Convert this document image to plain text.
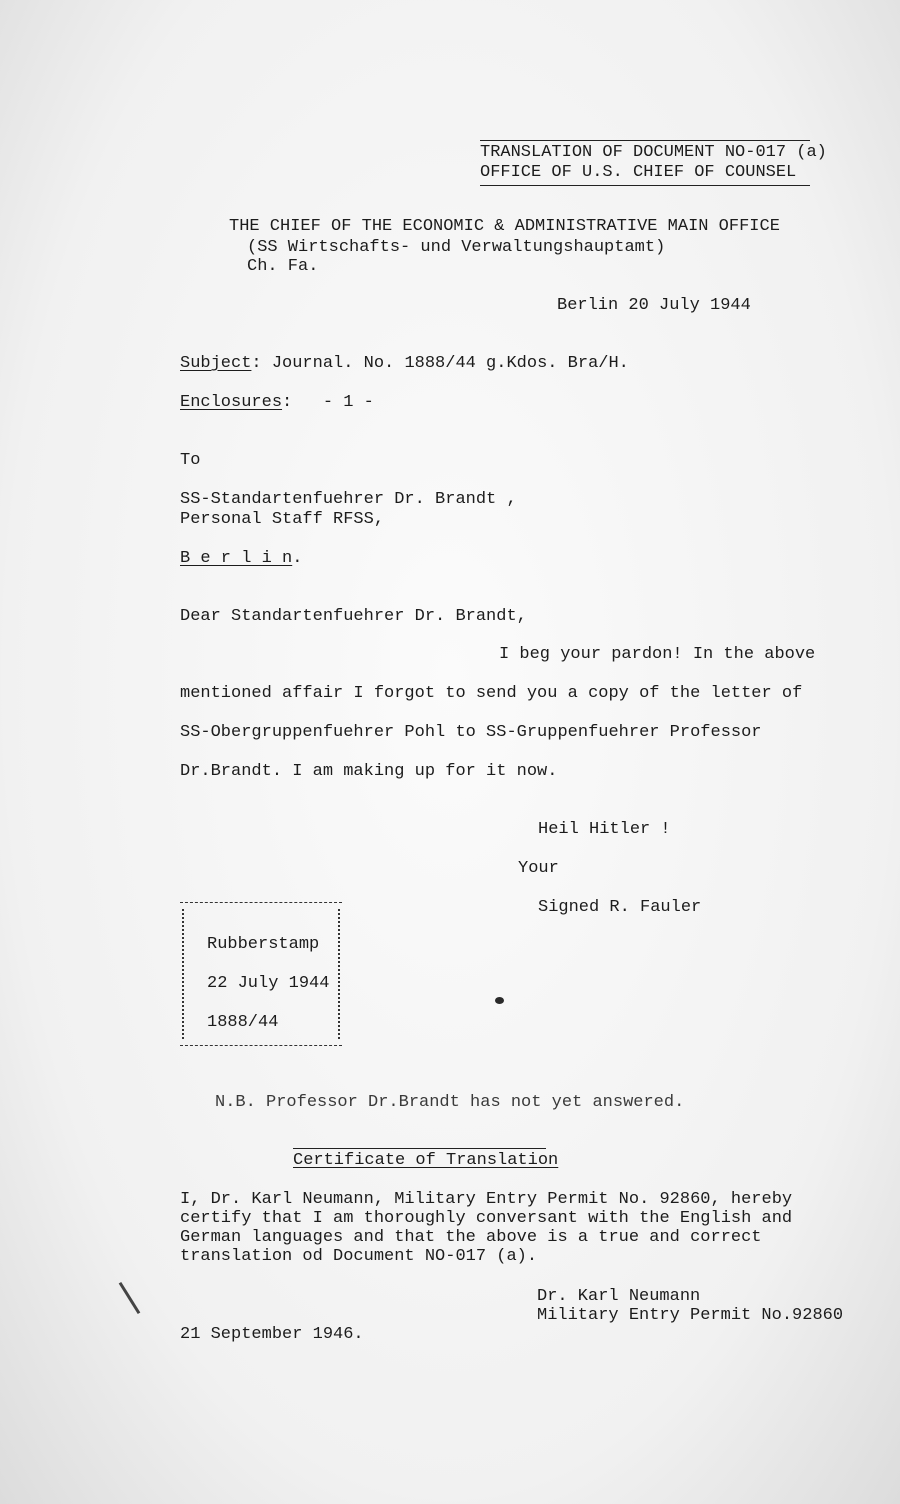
TRANSLATION OF DOCUMENT NO-017 (a)

OFFICE OF U.S. CHIEF OF COUNSEL

THE CHIEF OF THE ECONOMIC & ADMINISTRATIVE MAIN OFFICE

(SS Wirtschafts- und Verwaltungshauptamt)

Ch. Fa.

Berlin 20 July 1944

Subject: Journal. No. 1888/44 g.Kdos. Bra/H.

Enclosures:   - 1 -

To

SS-Standartenfuehrer Dr. Brandt ,

Personal Staff RFSS,

B e r l i n.

Dear Standartenfuehrer Dr. Brandt,

I beg your pardon! In the above

mentioned affair I forgot to send you a copy of the letter of

SS-Obergruppenfuehrer Pohl to SS-Gruppenfuehrer Professor

Dr.Brandt. I am making up for it now.

Heil Hitler !

Your

Signed R. Fauler

Rubberstamp

22 July 1944

1888/44

N.B. Professor Dr.Brandt has not yet answered.

Certificate of Translation

I, Dr. Karl Neumann, Military Entry Permit No. 92860, hereby

certify that I am thoroughly conversant with the English and

German languages and that the above is a true and correct

translation od Document NO-017 (a).

Dr. Karl Neumann

Military Entry Permit No.92860

21 September 1946.
